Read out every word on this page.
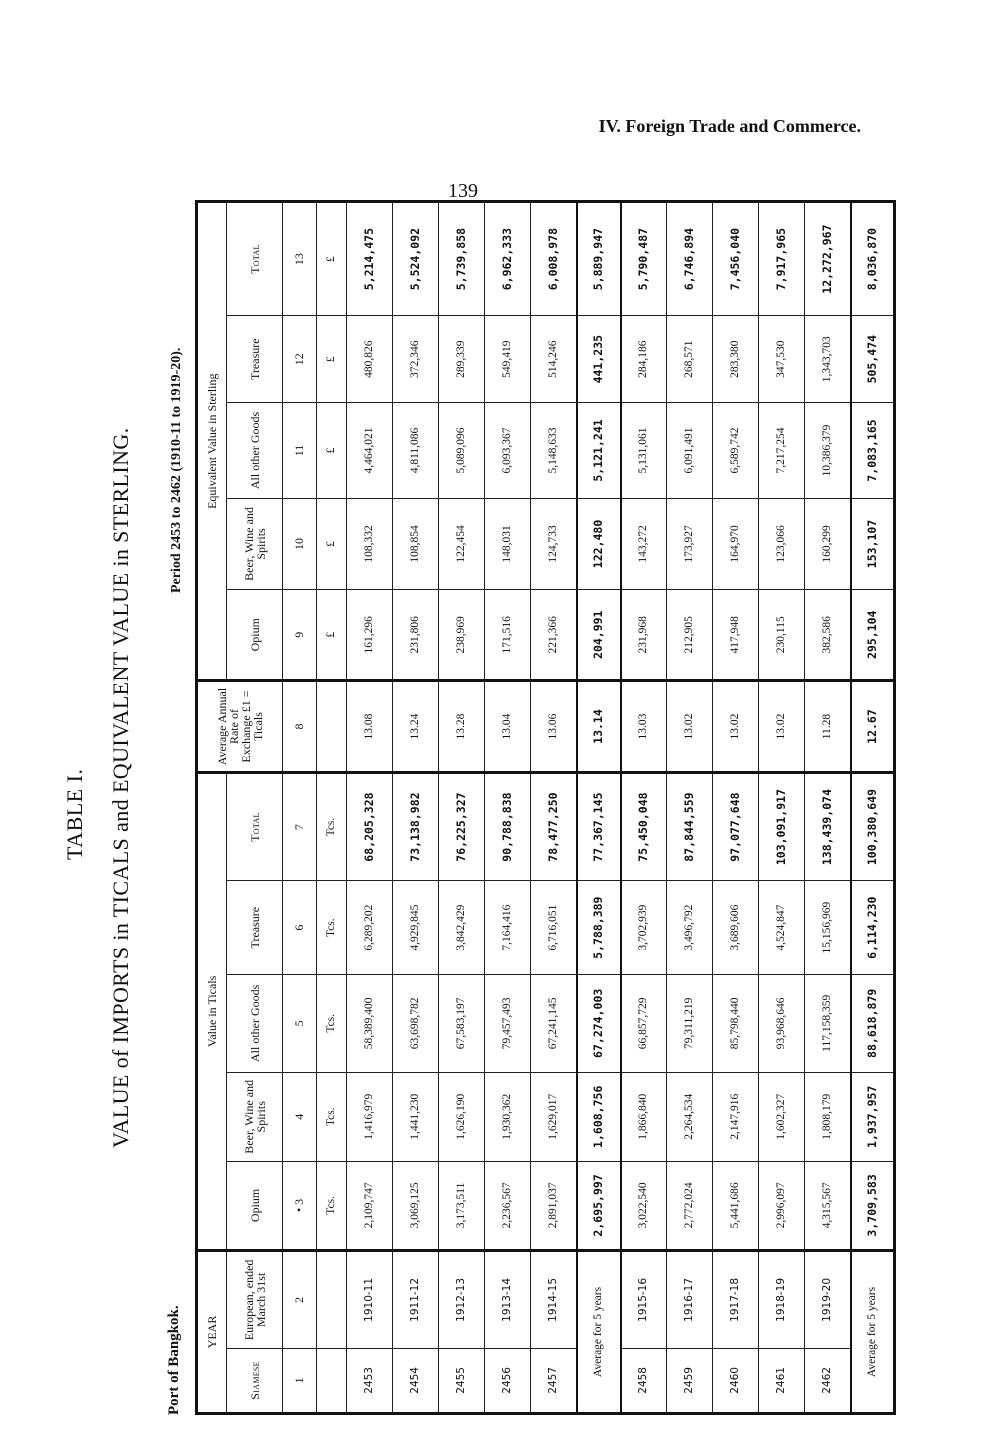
IV. Foreign Trade and Commerce.
139
TABLE I. VALUE of IMPORTS in TICALS and EQUIVALENT VALUE in STERLING.
Port of Bangkok.
Period 2453 to 2462 (1910-11 to 1919-20).
YEAR		Value in Ticals					Average Annual Rate of Exchange £1 = Ticals	Equivalent Value in Sterling				
Siamese	European, ended March 31st	Opium	Beer, Wine and Spirits	All other Goods	Treasure	Total		Opium	Beer, Wine and Spirits	All other Goods	Treasure	Total
1	2	• 3	4	5	6	7	8	9	10	11	12	13
		Tcs.	Tcs.	Tcs.	Tcs.	Tcs.		£	£	£	£	£
2453	1910-11	2,109,747	1,416,979	58,389,400	6,289,202	68,205,328	13.08	161,296	108,332	4,464,021	480,826	5,214,475
2454	1911-12	3,069,125	1,441,230	63,698,782	4,929,845	73,138,982	13.24	231,806	108,854	4,811,086	372,346	5,524,092
2455	1912-13	3,173,511	1,626,190	67,583,197	3,842,429	76,225,327	13.28	238,969	122,454	5,089,096	289,339	5,739,858
2456	1913-14	2,236,567	1,930,362	79,457,493	7,164,416	90,788,838	13.04	171,516	148,031	6,093,367	549,419	6,962,333
2457	1914-15	2,891,037	1,629,017	67,241,145	6,716,051	78,477,250	13.06	221,366	124,733	5,148,633	514,246	6,008,978
Average for 5 years		2,695,997	1,608,756	67,274,003	5,788,389	77,367,145	13.14	204,991	122,480	5,121,241	441,235	5,889,947
2458	1915-16	3,022,540	1,866,840	66,857,729	3,702,939	75,450,048	13.03	231,968	143,272	5,131,061	284,186	5,790,487
2459	1916-17	2,772,024	2,264,534	79,311,219	3,496,792	87,844,559	13.02	212,905	173,927	6,091,491	268,571	6,746,894
2460	1917-18	5,441,686	2,147,916	85,798,440	3,689,606	97,077,648	13.02	417,948	164,970	6,589,742	283,380	7,456,040
2461	1918-19	2,996,097	1,602,327	93,968,646	4,524,847	103,091,917	13.02	230,115	123,066	7,217,254	347,530	7,917,965
2462	1919-20	4,315,567	1,808,179	117,158,359	15,156,969	138,439,074	11.28	382,586	160,299	10,386,379	1,343,703	12,272,967
Average for 5 years		3,709,583	1,937,957	88,618,879	6,114,230	100,380,649	12.67	295,104	153,107	7,083,165	505,474	8,036,870
